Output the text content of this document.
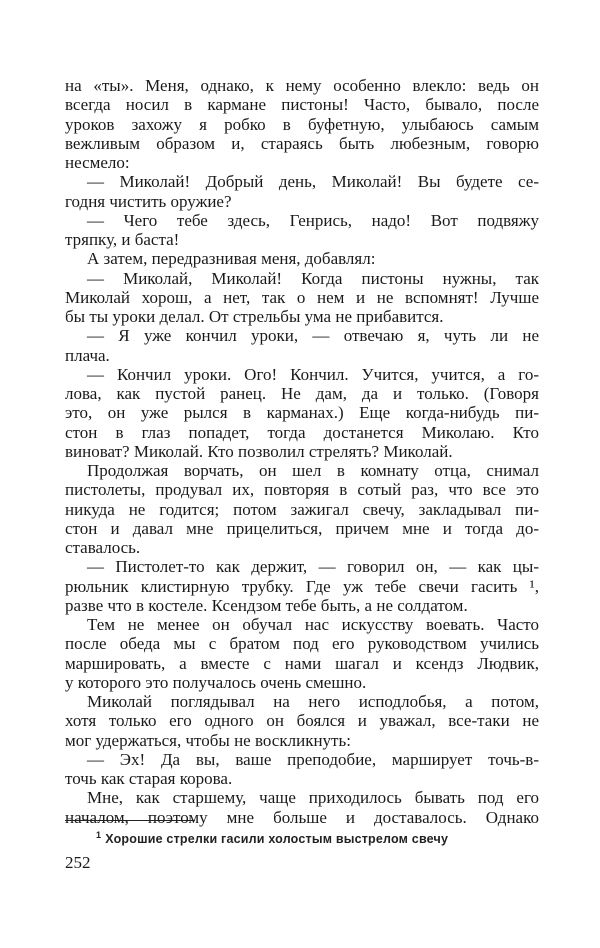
на «ты». Меня, однако, к нему особенно влекло: ведь он
всегда носил в кармане пистоны! Часто, бывало, после
уроков захожу я робко в буфетную, улыбаюсь самым
вежливым образом и, стараясь быть любезным, говорю
несмело:
— Миколай! Добрый день, Миколай! Вы будете се-
годня чистить оружие?
— Чего тебе здесь, Генрись, надо! Вот подвяжу
тряпку, и баста!
А затем, передразнивая меня, добавлял:
— Миколай, Миколай! Когда пистоны нужны, так
Миколай хорош, а нет, так о нем и не вспомнят! Лучше
бы ты уроки делал. От стрельбы ума не прибавится.
— Я уже кончил уроки, — отвечаю я, чуть ли не
плача.
— Кончил уроки. Ого! Кончил. Учится, учится, а го-
лова, как пустой ранец. Не дам, да и только. (Говоря
это, он уже рылся в карманах.) Еще когда-нибудь пи-
стон в глаз попадет, тогда достанется Миколаю. Кто
виноват? Миколай. Кто позволил стрелять? Миколай.
Продолжая ворчать, он шел в комнату отца, снимал
пистолеты, продувал их, повторяя в сотый раз, что все это
никуда не годится; потом зажигал свечу, закладывал пи-
стон и давал мне прицелиться, причем мне и тогда до-
ставалось.
— Пистолет-то как держит, — говорил он, — как цы-
рюльник клистирную трубку. Где уж тебе свечи гасить ¹,
разве что в костеле. Ксендзом тебе быть, а не солдатом.
Тем не менее он обучал нас искусству воевать. Часто
после обеда мы с братом под его руководством учились
маршировать, а вместе с нами шагал и ксендз Людвик,
у которого это получалось очень смешно.
Миколай поглядывал на него исподлобья, а потом,
хотя только его одного он боялся и уважал, все-таки не
мог удержаться, чтобы не воскликнуть:
— Эх! Да вы, ваше преподобие, марширует точь-в-
точь как старая корова.
Мне, как старшему, чаще приходилось бывать под его
началом, поэтому мне больше и доставалось. Однако
$^1$ Хорошие стрелки гасили холостым выстрелом свечу
252
